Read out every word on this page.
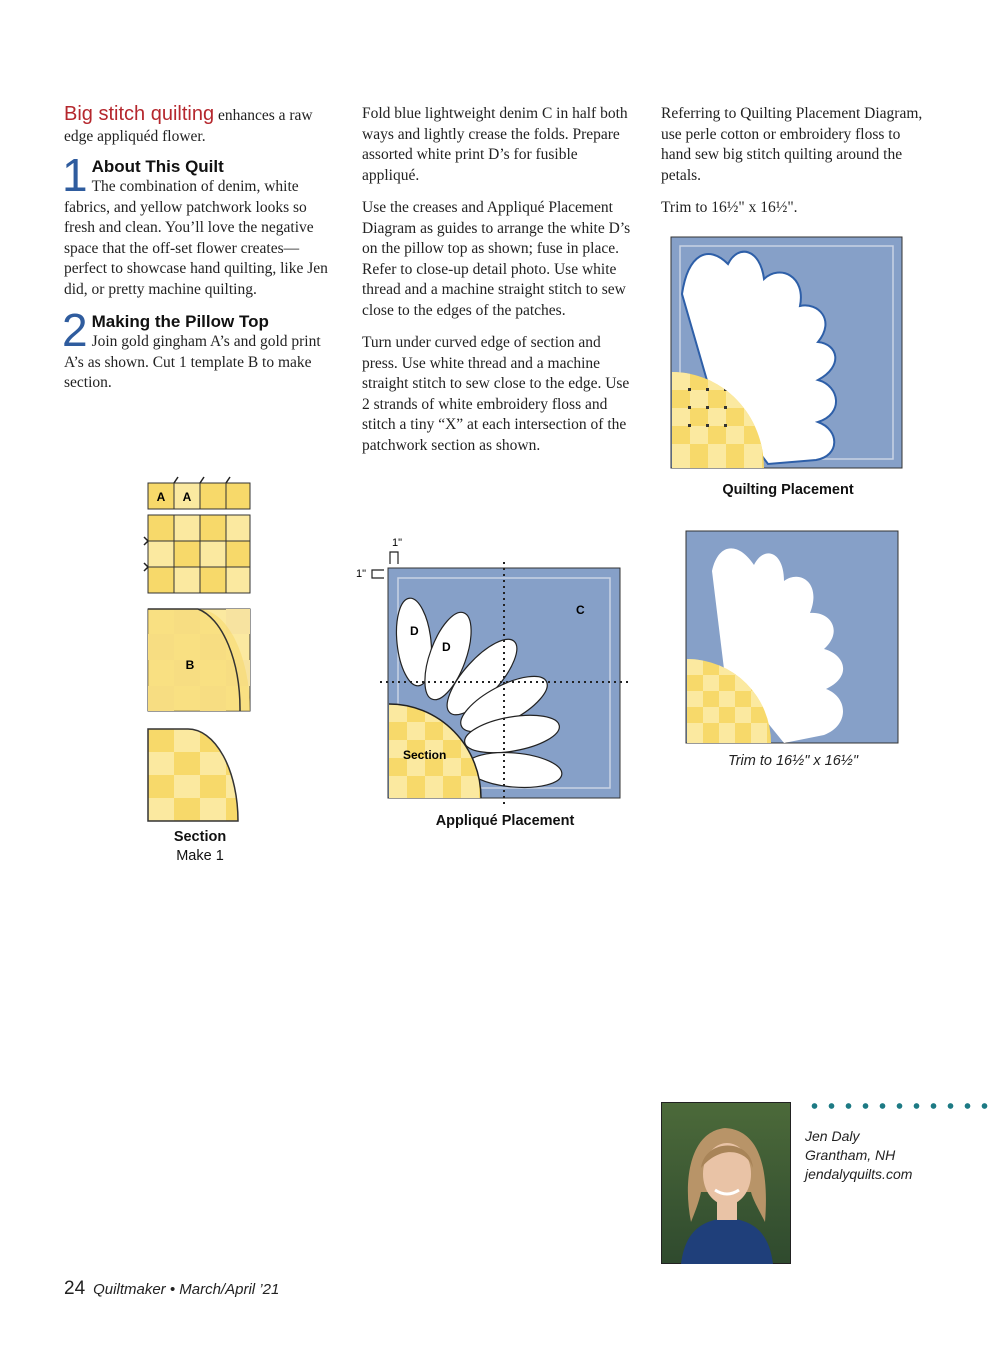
Big stitch quilting enhances a raw edge appliquéd flower.

1 About This Quilt
The combination of denim, white fabrics, and yellow patchwork looks so fresh and clean. You’ll love the negative space that the off-set flower creates—perfect to showcase hand quilting, like Jen did, or pretty machine quilting.
2 Making the Pillow Top
Join gold gingham A’s and gold print A’s as shown. Cut 1 template B to make section.

Fold blue lightweight denim C in half both ways and lightly crease the folds. Prepare assorted white print D’s for fusible appliqué.

Use the creases and Appliqué Placement Diagram as guides to arrange the white D’s on the pillow top as shown; fuse in place. Refer to close-up detail photo. Use white thread and a machine straight stitch to sew close to the edges of the patches.

Turn under curved edge of section and press. Use white thread and a machine straight stitch to sew close to the edge. Use 2 strands of white embroidery floss and stitch a tiny “X” at each intersection of the patchwork section as shown.

Referring to Quilting Placement Diagram, use perle cotton or embroidery floss to hand sew big stitch quilting around the petals.

Trim to 16½" x 16½".

A A
B
Section
Make 1
1"
1"
C
D
D
Section
Appliqué Placement
Quilting Placement
Trim to 16½" x 16½"
Jen Daly
Grantham, NH
jendalyquilts.com
24 Quiltmaker • March/April ’21
